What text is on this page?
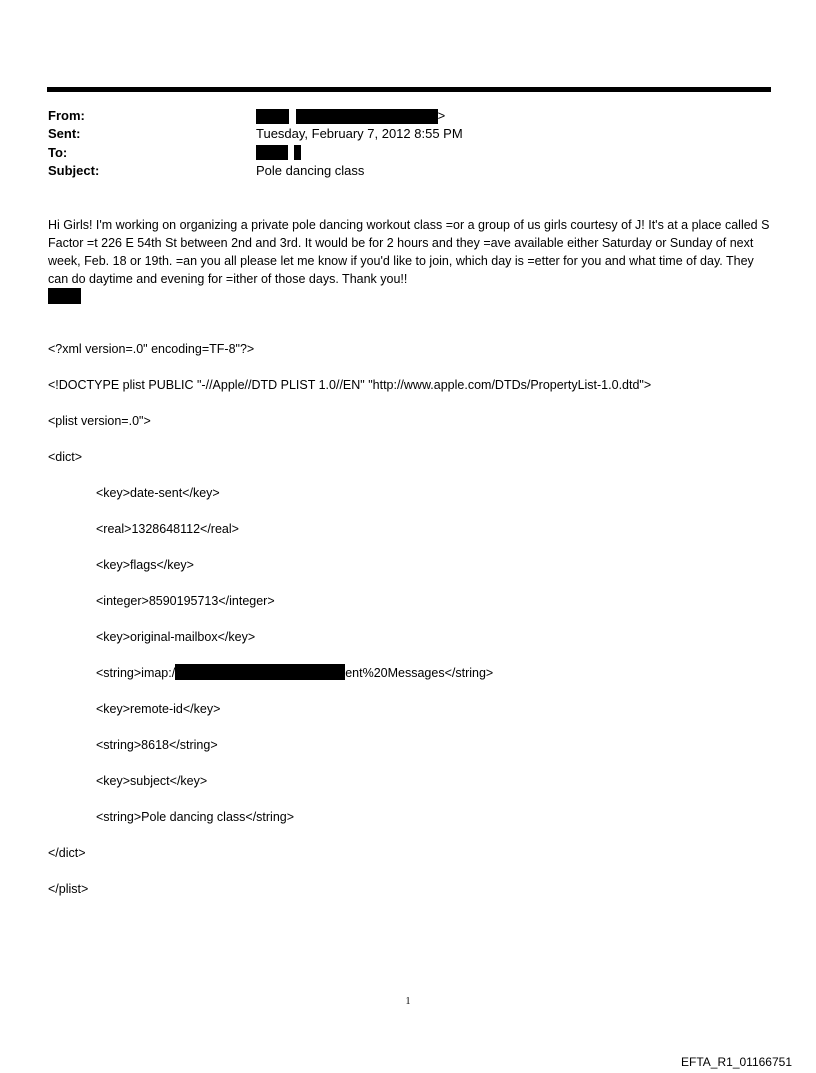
From:	>
Sent:	Tuesday, February 7, 2012 8:55 PM
To:

Subject:	Pole dancing class
Hi Girls! I'm working on organizing a private pole dancing workout class =or a group of us girls courtesy of J! It's at a place called S Factor =t 226 E 54th St between 2nd and 3rd. It would be for 2 hours and they =ave available either Saturday or Sunday of next week, Feb. 18 or 19th. =an you all please let me know if you'd like to join, which day is =etter for you and what time of day. They can do daytime and evening for =ither of those days. Thank you!!

<?xml version=.0" encoding=TF-8"?>

<!DOCTYPE plist PUBLIC "-//Apple//DTD PLIST 1.0//EN" "http://www.apple.com/DTDs/PropertyList-1.0.dtd">

<plist version=.0">

<dict>

<key>date-sent</key>

<real>1328648112</real>

<key>flags</key>

<integer>8590195713</integer>

<key>original-mailbox</key>

<string>imap:/	ent%20Messages</string>

<key>remote-id</key>

<string>8618</string>

<key>subject</key>

<string>Pole dancing class</string>

</dict>

</plist>

1
EFTA_R1_01166751
